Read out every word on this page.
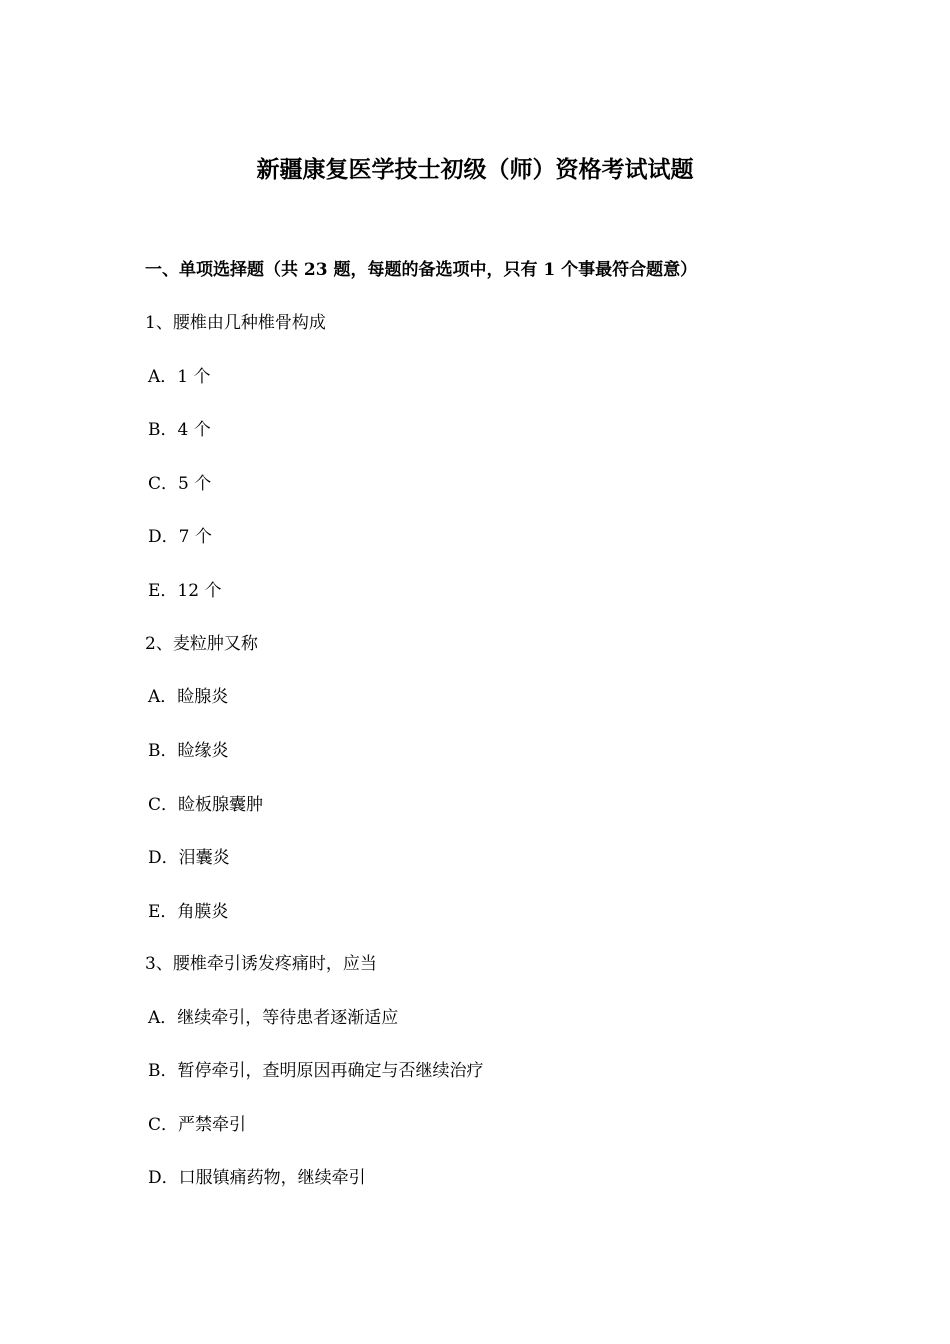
新疆康复医学技士初级（师）资格考试试题
一、单项选择题（共 23 题，每题的备选项中，只有 1 个事最符合题意）
1、腰椎由几种椎骨构成
A．1 个
B．4 个
C．5 个
D．7 个
E．12 个
2、麦粒肿又称
A．睑腺炎
B．睑缘炎
C．睑板腺囊肿
D．泪囊炎
E．角膜炎
3、腰椎牵引诱发疼痛时，应当
A．继续牵引，等待患者逐渐适应
B．暂停牵引，查明原因再确定与否继续治疗
C．严禁牵引
D．口服镇痛药物，继续牵引
